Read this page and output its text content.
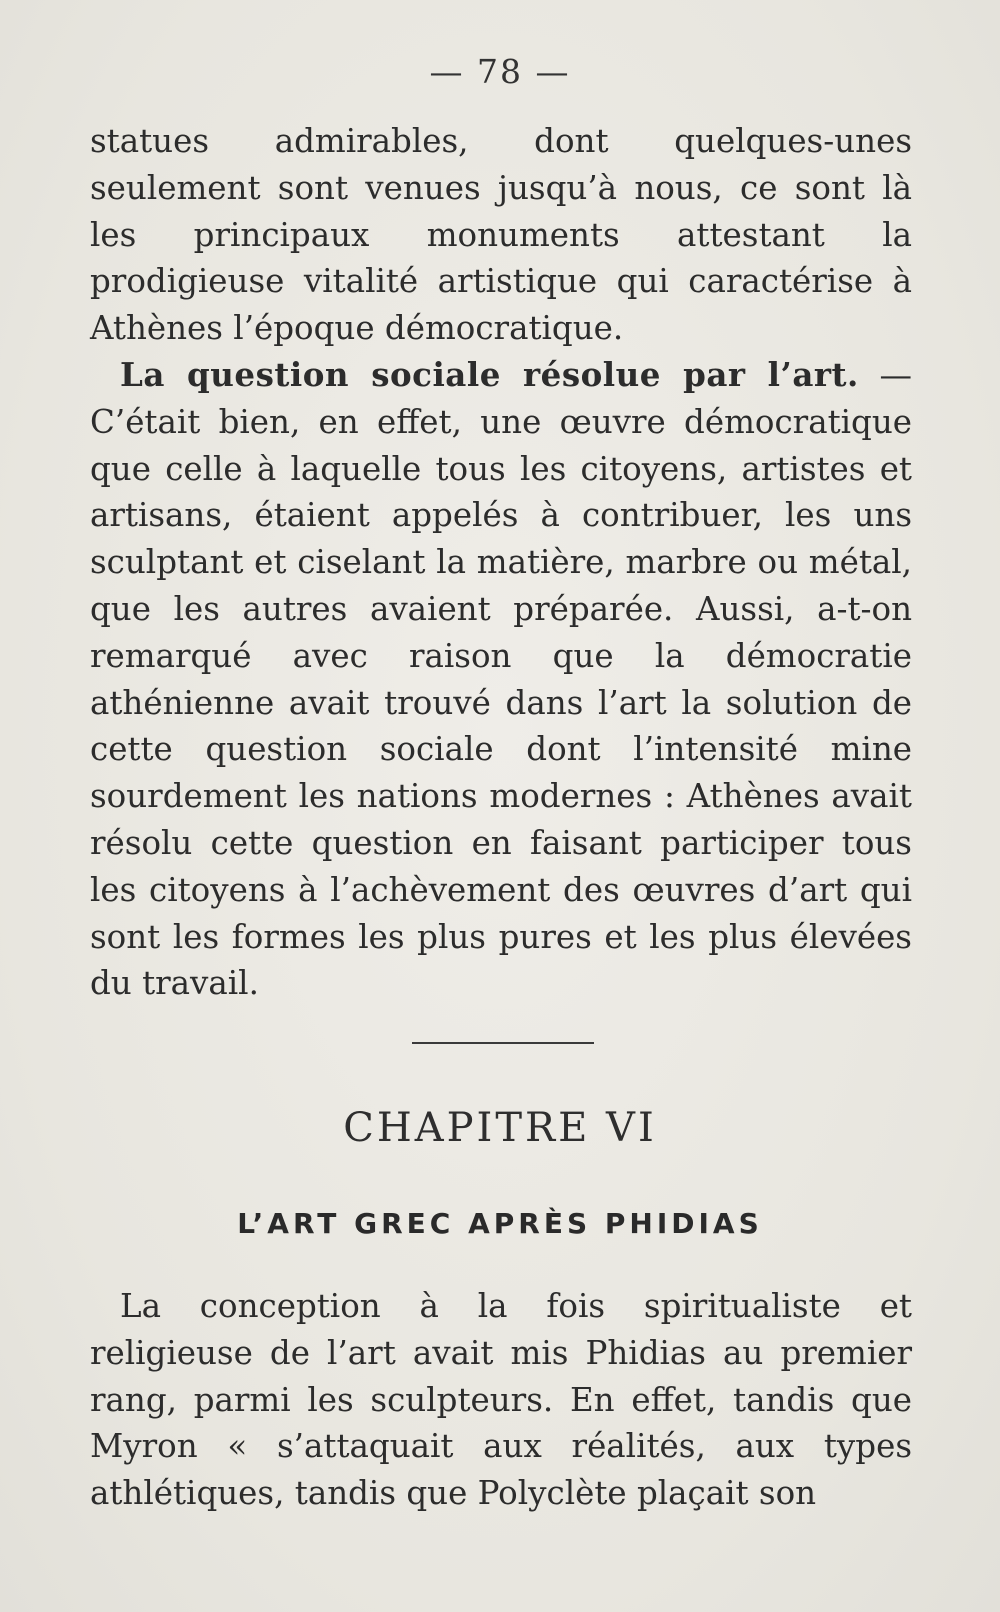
— 78 —

statues admirables, dont quelques-unes seulement sont venues jusqu’à nous, ce sont là les principaux monuments attestant la prodigieuse vitalité artistique qui caractérise à Athènes l’époque démocratique.

La question sociale résolue par l’art. — C’était bien, en effet, une œuvre démocratique que celle à laquelle tous les citoyens, artistes et artisans, étaient appelés à contribuer, les uns sculptant et ciselant la matière, marbre ou métal, que les autres avaient préparée. Aussi, a-t-on remarqué avec raison que la démocratie athénienne avait trouvé dans l’art la solution de cette question sociale dont l’intensité mine sourdement les nations modernes : Athènes avait résolu cette question en faisant participer tous les citoyens à l’achèvement des œuvres d’art qui sont les formes les plus pures et les plus élevées du travail.

CHAPITRE VI
L’ART GREC APRÈS PHIDIAS

La conception à la fois spiritualiste et religieuse de l’art avait mis Phidias au premier rang, parmi les sculpteurs. En effet, tandis que Myron « s’attaquait aux réalités, aux types athlétiques, tandis que Polyclète plaçait son
